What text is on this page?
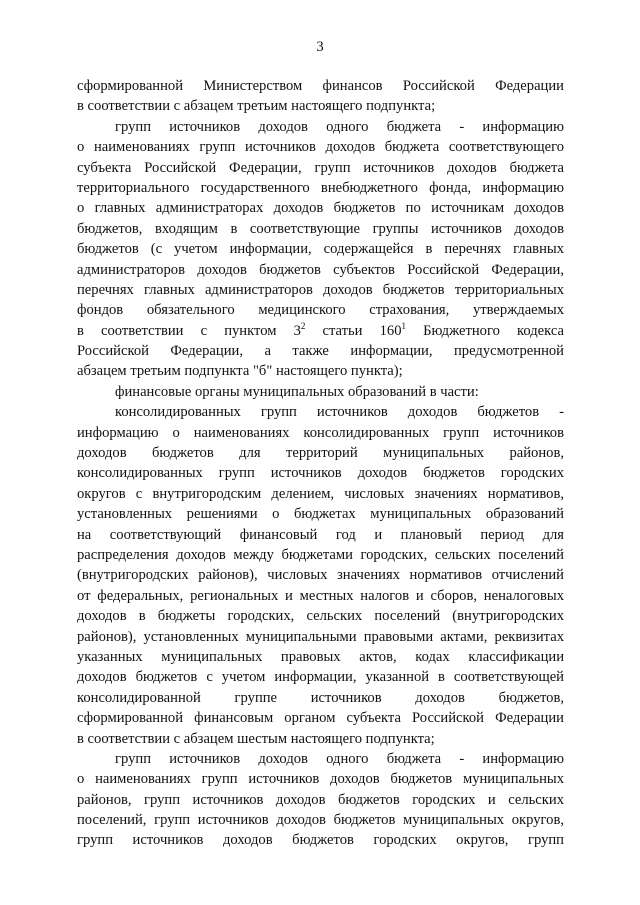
3
сформированной Министерством финансов Российской Федерации
в соответствии с абзацем третьим настоящего подпункта;
групп источников доходов одного бюджета - информацию
о наименованиях групп источников доходов бюджета соответствующего
субъекта Российской Федерации, групп источников доходов бюджета
территориального государственного внебюджетного фонда, информацию
о главных администраторах доходов бюджетов по источникам доходов
бюджетов, входящим в соответствующие группы источников доходов
бюджетов (с учетом информации, содержащейся в перечнях главных
администраторов доходов бюджетов субъектов Российской Федерации,
перечнях главных администраторов доходов бюджетов территориальных
фондов обязательного медицинского страхования, утверждаемых
в соответствии с пунктом $3^2$ статьи $160^1$ Бюджетного кодекса
Российской Федерации, а также информации, предусмотренной
абзацем третьим подпункта "б" настоящего пункта);
финансовые органы муниципальных образований в части:
консолидированных групп источников доходов бюджетов -
информацию о наименованиях консолидированных групп источников
доходов бюджетов для территорий муниципальных районов,
консолидированных групп источников доходов бюджетов городских
округов с внутригородским делением, числовых значениях нормативов,
установленных решениями о бюджетах муниципальных образований
на соответствующий финансовый год и плановый период для
распределения доходов между бюджетами городских, сельских поселений
(внутригородских районов), числовых значениях нормативов отчислений
от федеральных, региональных и местных налогов и сборов, неналоговых
доходов в бюджеты городских, сельских поселений (внутригородских
районов), установленных муниципальными правовыми актами, реквизитах
указанных муниципальных правовых актов, кодах классификации
доходов бюджетов с учетом информации, указанной в соответствующей
консолидированной группе источников доходов бюджетов,
сформированной финансовым органом субъекта Российской Федерации
в соответствии с абзацем шестым настоящего подпункта;
групп источников доходов одного бюджета - информацию
о наименованиях групп источников доходов бюджетов муниципальных
районов, групп источников доходов бюджетов городских и сельских
поселений, групп источников доходов бюджетов муниципальных округов,
групп источников доходов бюджетов городских округов, групп
